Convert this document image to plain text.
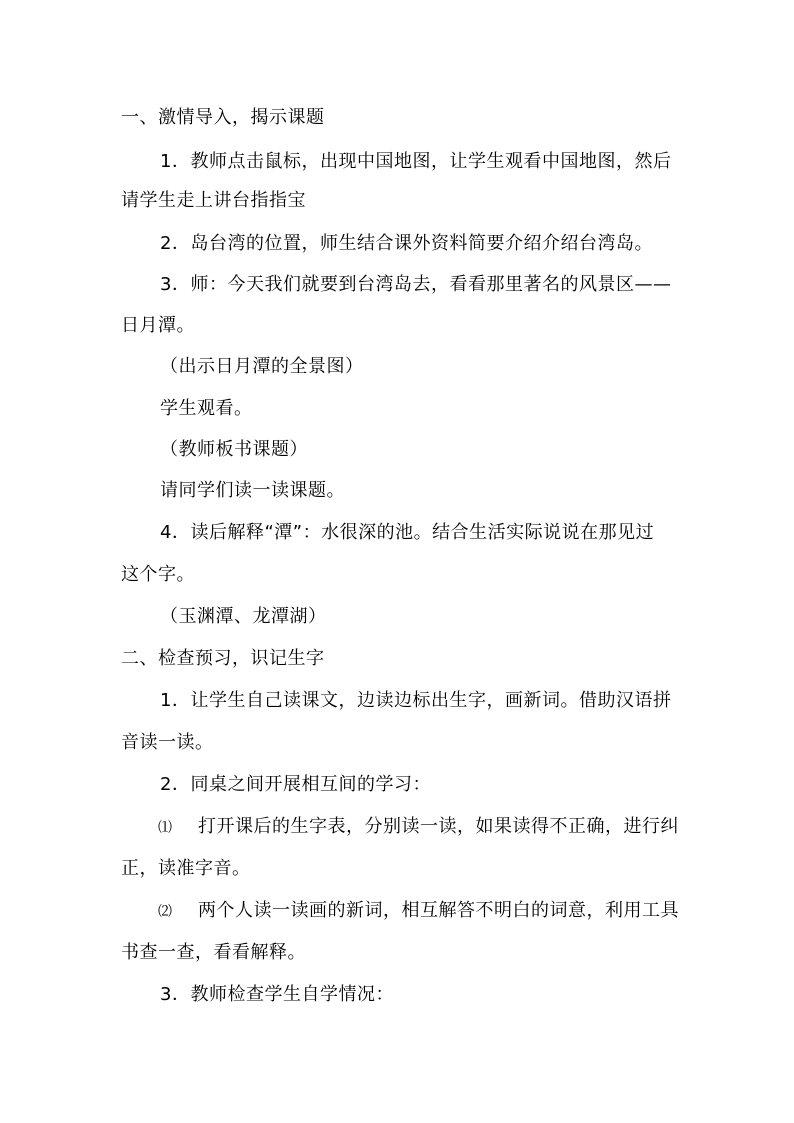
一、激情导入，揭示课题
1．教师点击鼠标，出现中国地图，让学生观看中国地图，然后
请学生走上讲台指指宝
2．岛台湾的位置，师生结合课外资料简要介绍介绍台湾岛。
3．师：今天我们就要到台湾岛去，看看那里著名的风景区——
日月潭。
（出示日月潭的全景图）
学生观看。
（教师板书课题）
请同学们读一读课题。
4．读后解释“潭”：水很深的池。结合生活实际说说在那见过
这个字。
（玉渊潭、龙潭湖）
二、检查预习，识记生字
1．让学生自己读课文，边读边标出生字，画新词。借助汉语拼
音读一读。
2．同桌之间开展相互间的学习：
⑴ 打开课后的生字表，分别读一读，如果读得不正确，进行纠
正，读准字音。
⑵ 两个人读一读画的新词，相互解答不明白的词意，利用工具
书查一查，看看解释。
3．教师检查学生自学情况：
